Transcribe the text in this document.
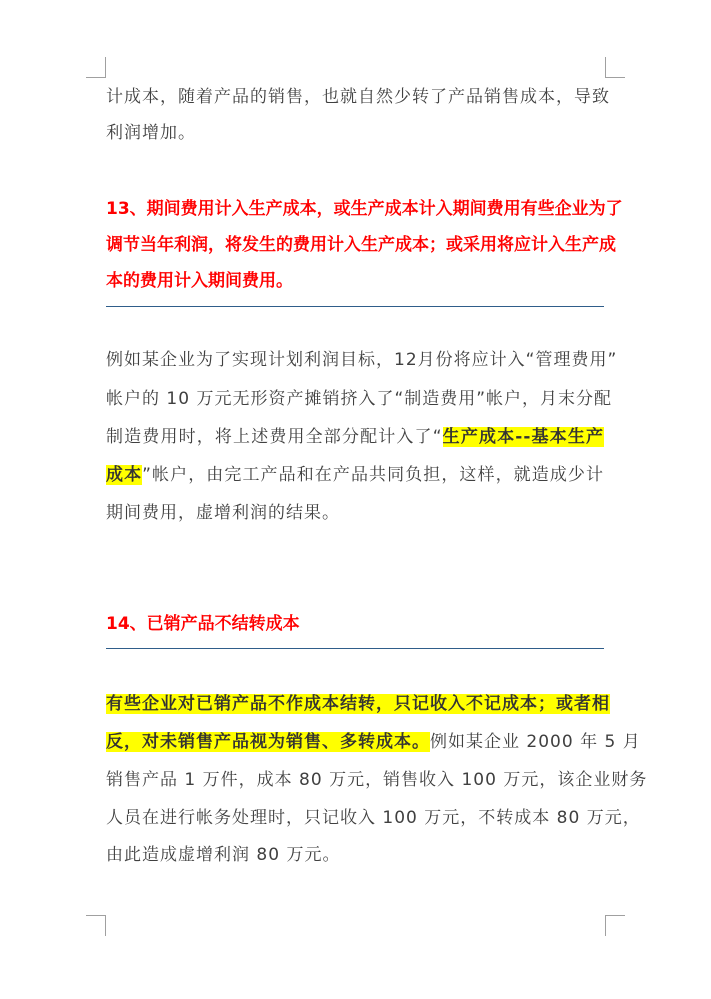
计成本，随着产品的销售，也就自然少转了产品销售成本，导致
利润增加。
13、期间费用计入生产成本，或生产成本计入期间费用有些企业为了
调节当年利润，将发生的费用计入生产成本；或采用将应计入生产成
本的费用计入期间费用。
例如某企业为了实现计划利润目标，12月份将应计入“管理费用”
帐户的 10 万元无形资产摊销挤入了“制造费用”帐户，月末分配
制造费用时，将上述费用全部分配计入了“生产成本--基本生产
成本”帐户，由完工产品和在产品共同负担，这样，就造成少计
期间费用，虚增利润的结果。
14、已销产品不结转成本
有些企业对已销产品不作成本结转，只记收入不记成本；或者相
反，对未销售产品视为销售、多转成本。例如某企业 2000 年 5 月
销售产品 1 万件，成本 80 万元，销售收入 100 万元，该企业财务
人员在进行帐务处理时，只记收入 100 万元，不转成本 80 万元，
由此造成虚增利润 80 万元。
